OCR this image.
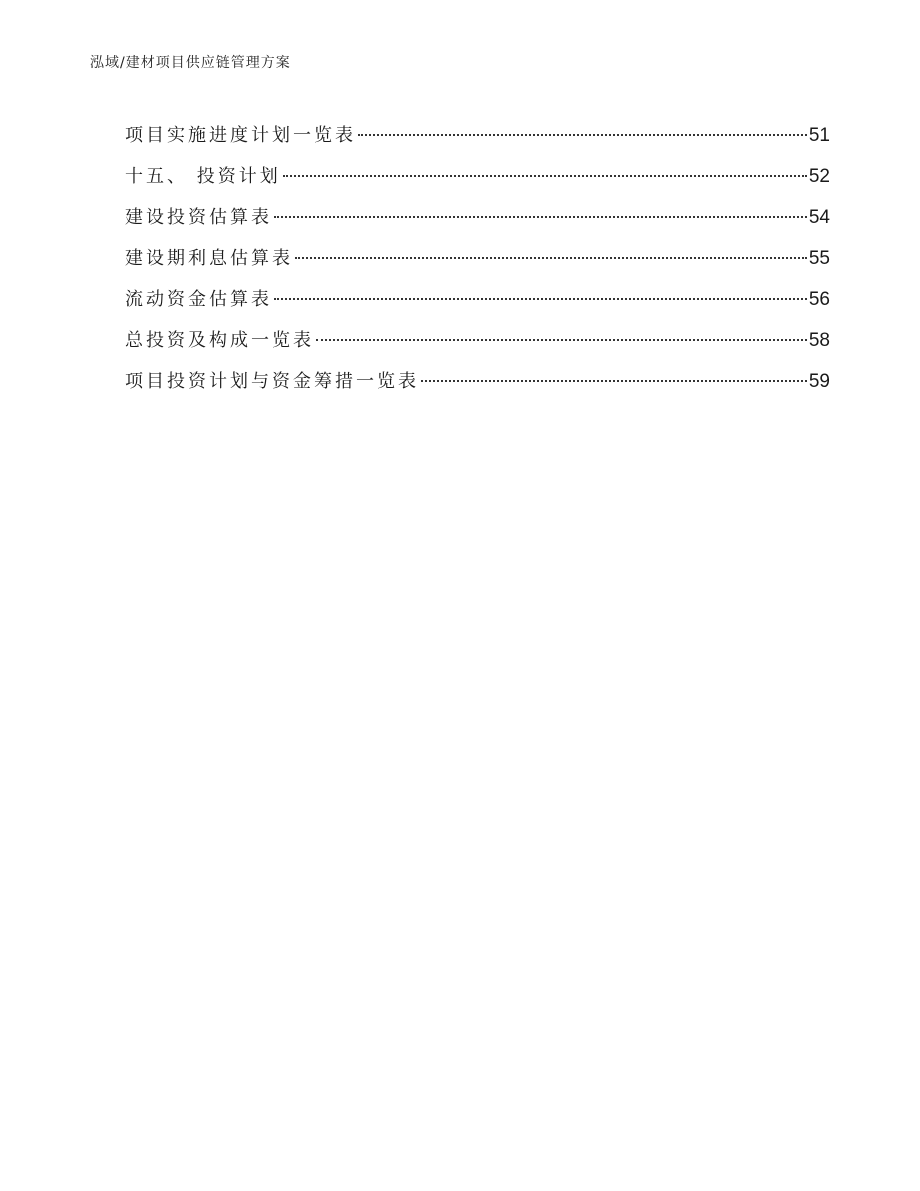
泓域/建材项目供应链管理方案
项目实施进度计划一览表	51
十五、 投资计划	52
建设投资估算表	54
建设期利息估算表	55
流动资金估算表	56
总投资及构成一览表	58
项目投资计划与资金筹措一览表	59
